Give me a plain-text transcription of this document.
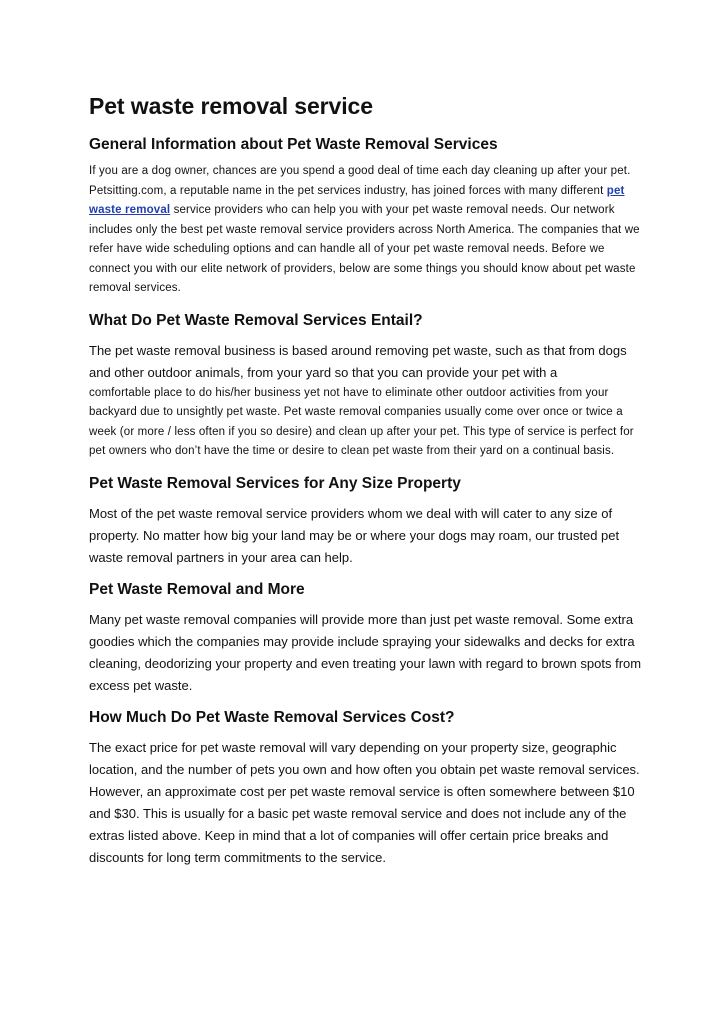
Pet waste removal service
General Information about Pet Waste Removal Services

If you are a dog owner, chances are you spend a good deal of time each day cleaning up after your pet. Petsitting.com, a reputable name in the pet services industry, has joined forces with many different pet waste removal service providers who can help you with your pet waste removal needs. Our network includes only the best pet waste removal service providers across North America. The companies that we refer have wide scheduling options and can handle all of your pet waste removal needs. Before we connect you with our elite network of providers, below are some things you should know about pet waste removal services.

What Do Pet Waste Removal Services Entail?

The pet waste removal business is based around removing pet waste, such as that from dogs and other outdoor animals, from your yard so that you can provide your pet with a

comfortable place to do his/her business yet not have to eliminate other outdoor activities from your backyard due to unsightly pet waste. Pet waste removal companies usually come over once or twice a week (or more / less often if you so desire) and clean up after your pet. This type of service is perfect for pet owners who don’t have the time or desire to clean pet waste from their yard on a continual basis.

Pet Waste Removal Services for Any Size Property

Most of the pet waste removal service providers whom we deal with will cater to any size of property. No matter how big your land may be or where your dogs may roam, our trusted pet waste removal partners in your area can help.

Pet Waste Removal and More

Many pet waste removal companies will provide more than just pet waste removal. Some extra goodies which the companies may provide include spraying your sidewalks and decks for extra cleaning, deodorizing your property and even treating your lawn with regard to brown spots from excess pet waste.

How Much Do Pet Waste Removal Services Cost?

The exact price for pet waste removal will vary depending on your property size, geographic location, and the number of pets you own and how often you obtain pet waste removal services. However, an approximate cost per pet waste removal service is often somewhere between $10 and $30. This is usually for a basic pet waste removal service and does not include any of the extras listed above. Keep in mind that a lot of companies will offer certain price breaks and discounts for long term commitments to the service.
